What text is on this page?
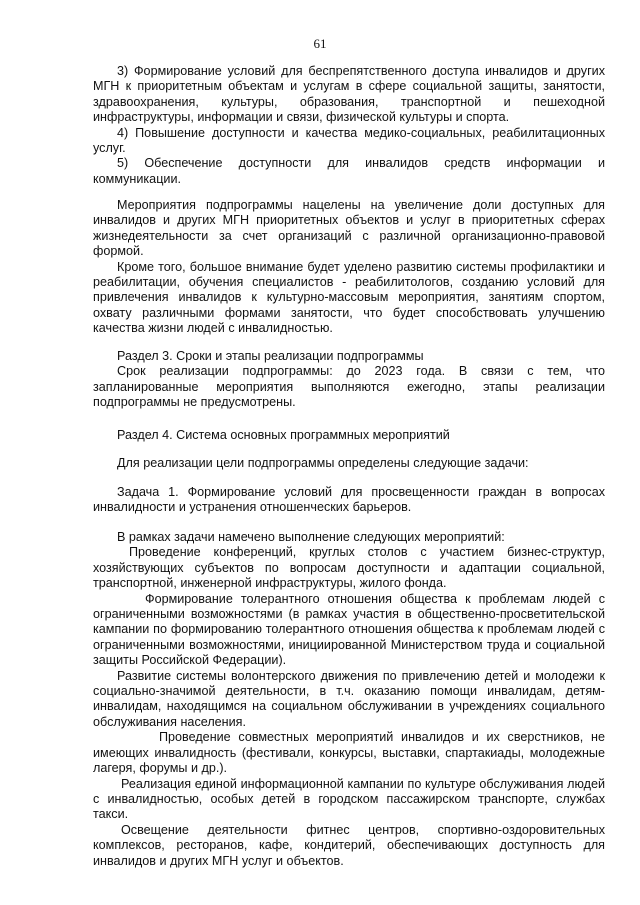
61

3) Формирование условий для беспрепятственного доступа инвалидов и других МГН к приоритетным объектам и услугам в сфере социальной защиты, занятости, здравоохранения, культуры, образования, транспортной и пешеходной инфраструктуры, информации и связи, физической культуры и спорта.

4) Повышение доступности и качества медико-социальных, реабилитационных услуг.

5) Обеспечение доступности для инвалидов средств информации и коммуникации.

Мероприятия подпрограммы нацелены на увеличение доли доступных для инвалидов и других МГН приоритетных объектов и услуг в приоритетных сферах жизнедеятельности за счет организаций с различной организационно-правовой формой.

Кроме того, большое внимание будет уделено развитию системы профилактики и реабилитации, обучения специалистов - реабилитологов, созданию условий для привлечения инвалидов к культурно-массовым мероприятия, занятиям спортом, охвату различными формами занятости, что будет способствовать улучшению качества жизни людей с инвалидностью.

Раздел 3. Сроки и этапы реализации подпрограммы

Срок реализации подпрограммы: до 2023 года. В связи с тем, что запланированные мероприятия выполняются ежегодно, этапы реализации подпрограммы не предусмотрены.

Раздел 4. Система основных программных мероприятий

Для реализации цели подпрограммы определены следующие задачи:

Задача 1. Формирование условий для просвещенности граждан в вопросах инвалидности и устранения отношенческих барьеров.

В рамках задачи намечено выполнение следующих мероприятий:

Проведение конференций, круглых столов с участием бизнес-структур, хозяйствующих субъектов по вопросам доступности и адаптации социальной, транспортной, инженерной инфраструктуры, жилого фонда.

Формирование толерантного отношения общества к проблемам людей с ограниченными возможностями (в рамках участия в общественно-просветительской кампании по формированию толерантного отношения общества к проблемам людей с ограниченными возможностями, инициированной Министерством труда и социальной защиты Российской Федерации).

Развитие системы волонтерского движения по привлечению детей и молодежи к социально-значимой деятельности, в т.ч. оказанию помощи инвалидам, детям-инвалидам, находящимся на социальном обслуживании в учреждениях социального обслуживания населения.

Проведение совместных мероприятий инвалидов и их сверстников, не имеющих инвалидность (фестивали, конкурсы, выставки, спартакиады, молодежные лагеря, форумы и др.).

Реализация единой информационной кампании по культуре обслуживания людей с инвалидностью, особых детей в городском пассажирском транспорте, службах такси.

Освещение деятельности фитнес центров, спортивно-оздоровительных комплексов, ресторанов, кафе, кондитерий, обеспечивающих доступность для инвалидов и других МГН услуг и объектов.
